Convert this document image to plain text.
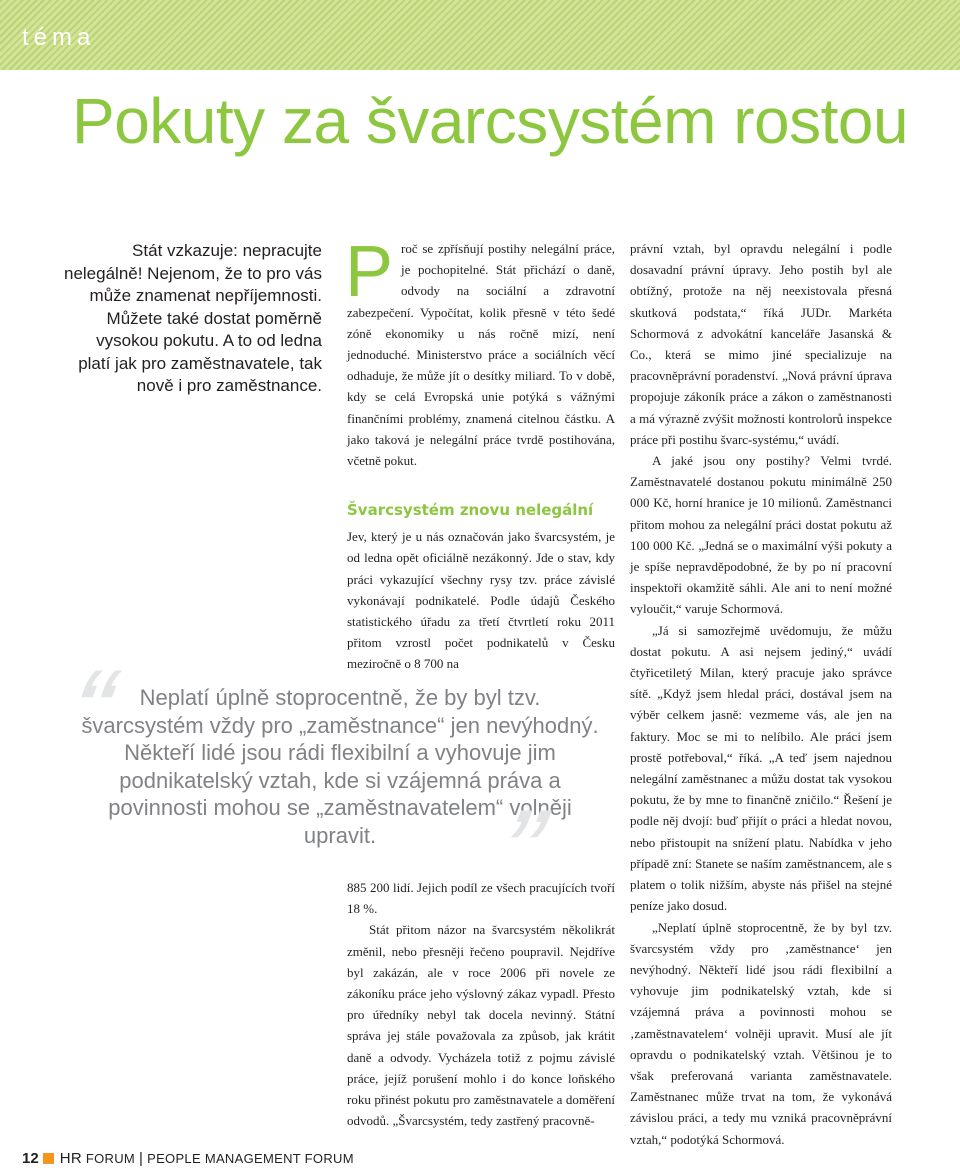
téma
Pokuty za švarcsystém rostou

Stát vzkazuje: nepracujte nelegálně! Nejenom, že to pro vás může znamenat nepříjemnosti. Můžete také dostat poměrně vysokou pokutu. A to od ledna platí jak pro zaměstnavatele, tak nově i pro zaměstnance.

Proč se zpřísňují postihy nelegální práce, je pochopitelné. Stát přichází o daně, odvody na sociální a zdravotní zabezpečení. Vypočítat, kolik přesně v této šedé zóně ekonomiky u nás ročně mizí, není jednoduché. Ministerstvo práce a sociálních věcí odhaduje, že může jít o desítky miliard. To v době, kdy se celá Evropská unie potýká s vážnými finančními problémy, znamená citelnou částku. A jako taková je nelegální práce tvrdě postihována, včetně pokut.

Švarcsystém znovu nelegální

Jev, který je u nás označován jako švarcsystém, je od ledna opět oficiálně nezákonný. Jde o stav, kdy práci vykazující všechny rysy tzv. práce závislé vykonávají podnikatelé. Podle údajů Českého statistického úřadu za třetí čtvrtletí roku 2011 přitom vzrostl počet podnikatelů v Česku meziročně o 8 700 na

“ Neplatí úplně stoprocentně, že by byl tzv. švarcsystém vždy pro „zaměstnance“ jen nevýhodný. Někteří lidé jsou rádi flexibilní a vyhovuje jim podnikatelský vztah, kde si vzájemná práva a povinnosti mohou se „zaměstnavatelem“ volněji upravit. ”

885 200 lidí. Jejich podíl ze všech pracujících tvoří 18 %.

Stát přitom názor na švarcsystém několikrát změnil, nebo přesněji řečeno poupravil. Nejdříve byl zakázán, ale v roce 2006 při novele ze zákoníku práce jeho výslovný zákaz vypadl. Přesto pro úředníky nebyl tak docela nevinný. Státní správa jej stále považovala za způsob, jak krátit daně a odvody. Vycházela totiž z pojmu závislé práce, jejíž porušení mohlo i do konce loňského roku přinést pokutu pro zaměstnavatele a doměření odvodů. „Švarcsystém, tedy zastřený pracovně-

právní vztah, byl opravdu nelegální i podle dosavadní právní úpravy. Jeho postih byl ale obtížný, protože na něj neexistovala přesná skutková podstata,“ říká JUDr. Markéta Schormová z advokátní kanceláře Jasanská & Co., která se mimo jiné specializuje na pracovněprávní poradenství. „Nová právní úprava propojuje zákoník práce a zákon o zaměstnanosti a má výrazně zvýšit možnosti kontrolorů inspekce práce při postihu švarc-systému,“ uvádí.

A jaké jsou ony postihy? Velmi tvrdé. Zaměstnavatelé dostanou pokutu minimálně 250 000 Kč, horní hranice je 10 milionů. Zaměstnanci přitom mohou za nelegální práci dostat pokutu až 100 000 Kč. „Jedná se o maximální výši pokuty a je spíše nepravděpodobné, že by po ní pracovní inspektoři okamžitě sáhli. Ale ani to není možné vyloučit,“ varuje Schormová.

„Já si samozřejmě uvědomuju, že můžu dostat pokutu. A asi nejsem jediný,“ uvádí čtyřicetiletý Milan, který pracuje jako správce sítě. „Když jsem hledal práci, dostával jsem na výběr celkem jasně: vezmeme vás, ale jen na faktury. Moc se mi to nelíbilo. Ale práci jsem prostě potřeboval,“ říká. „A teď jsem najednou nelegální zaměstnanec a můžu dostat tak vysokou pokutu, že by mne to finančně zničilo.“ Řešení je podle něj dvojí: buď přijít o práci a hledat novou, nebo přistoupit na snížení platu. Nabídka v jeho případě zní: Stanete se naším zaměstnancem, ale s platem o tolik nižším, abyste nás přišel na stejné peníze jako dosud.

„Neplatí úplně stoprocentně, že by byl tzv. švarcsystém vždy pro ‚zaměstnance‘ jen nevýhodný. Někteří lidé jsou rádi flexibilní a vyhovuje jim podnikatelský vztah, kde si vzájemná práva a povinnosti mohou se ‚zaměstnavatelem‘ volněji upravit. Musí ale jít opravdu o podnikatelský vztah. Většinou je to však preferovaná varianta zaměstnavatele. Zaměstnanec může trvat na tom, že vykonává závislou práci, a tedy mu vzniká pracovněprávní vztah,“ podotýká Schormová.

12 HR FORUM | PEOPLE MANAGEMENT FORUM
